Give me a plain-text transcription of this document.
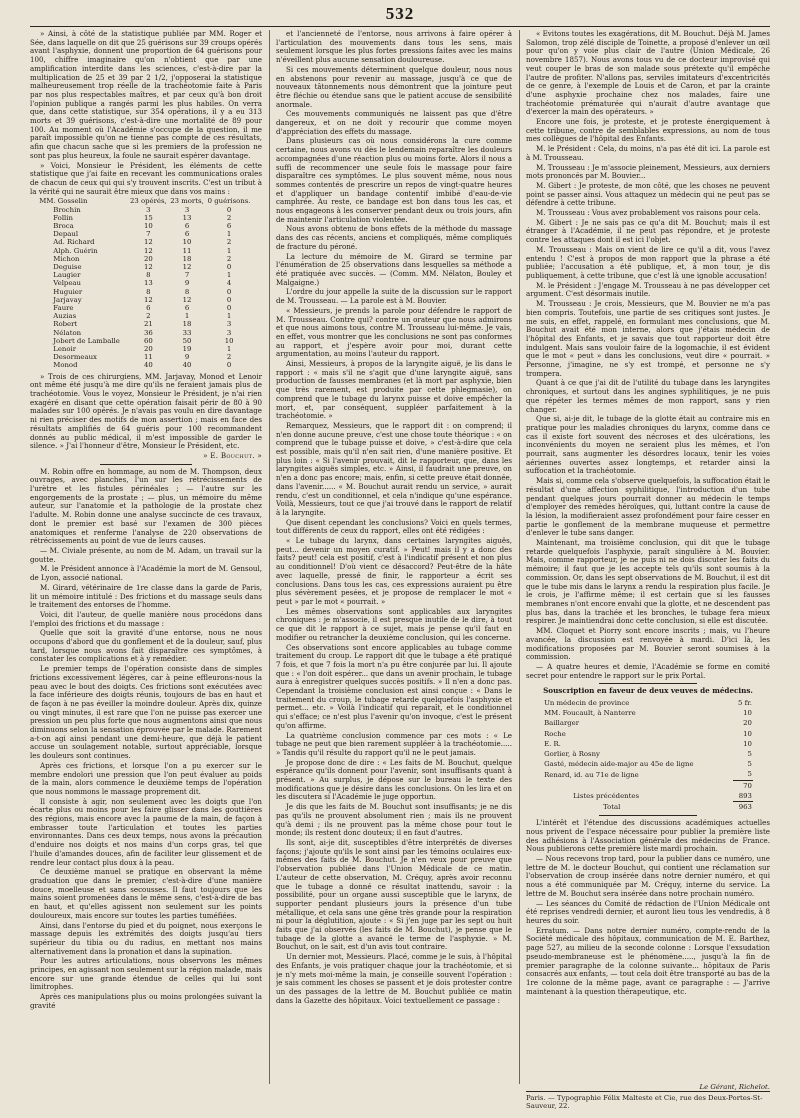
532

» Ainsi, à côté de la statistique publiée par MM. Roger et Sée, dans laquelle on dit que 25 guérisons sur 39 croups opérés avant l'asphyxie, donnent une proportion de 64 guérisons pour 100, chiffre imaginaire qu'on n'obtient que par une amplification interdite dans les sciences, c'est-à-dire par la multiplication de 25 et 39 par 2 1/2, j'opposerai la statistique malheureusement trop réelle de la trachéotomie faite à Paris par nos plus respectables maîtres, et par ceux qu'à bon droit l'opinion publique a rangés parmi les plus habiles. On verra que, dans cette statistique, sur 354 opérations, il y a eu 313 morts et 39 guérisons, c'est-à-dire une mortalité de 89 pour 100. Au moment où l'Académie s'occupe de la question, il me paraît impossible qu'on ne tienne pas compte de ces résultats, afin que chacun sache que si les premiers de la profession ne sont pas plus heureux, la foule ne saurait espérer davantage.

» Voici, Monsieur le Président, les éléments de cette statistique que j'ai faite en recevant les communications orales de chacun de ceux qui qui s'y trouvent inscrits. C'est un tribut à la vérité qui ne saurait être mieux que dans vos mains :

MM. Gosselin	23 opérés,	23 morts,	0 guérisons.
Brochin	3	3	0
Follin	15	13	2
Broca	10	6	6
Depaul	7	6	1
Ad. Richard	12	10	2
Alph. Guérin	12	11	1
Michon	20	18	2
Deguise	12	12	0
Laugier	8	7	1
Velpeau	13	9	4
Huguier	8	8	0
Jarjavay	12	12	0
Faure	6	6	0
Auzias	2	1	1
Robert	21	18	3
Nélaton	36	33	3
Jobert de Lamballe	60	50	10
Lenoir	20	19	1
Desormeaux	11	9	2
Monod	40	40	0

» Trois de ces chirurgiens, MM. Jarjavay, Monod et Lenoir ont même été jusqu'à me dire qu'ils ne feraient jamais plus de trachéotomie. Vous le voyez, Monsieur le Président, je n'ai rien exagéré en disant que cette opération faisait périr de 80 à 90 malades sur 100 opérés. Je n'avais pas voulu en dire davantage ni rien préciser des motifs de mon assertion ; mais en face des résultats amplifiés de 64 guéris pour 100 recommandent donnés au public médical, il m'est impossible de garder le silence. » J'ai l'honneur d'être, Monsieur le Président, etc.

» E. Bouchut. »

M. Robin offre en hommage, au nom de M. Thompson, deux ouvrages, avec planches, l'un sur les rétrécissements de l'urètre et les fistules périnéales ; — l'autre sur les engorgements de la prostate ; — plus, un mémoire du même auteur, sur l'anatomie et la pathologie de la prostate chez l'adulte. M. Robin donne une analyse succincte de ces travaux, dont le premier est basé sur l'examen de 300 pièces anatomiques et renferme l'analyse de 220 observations de rétrécissements au point de vue de leurs causes.

— M. Civiale présente, au nom de M. Adam, un travail sur la goutte.

M. le Président annonce à l'Académie la mort de M. Gensoul, de Lyon, associé national.

M. Girard, vétérinaire de 1re classe dans la garde de Paris, lit un mémoire intitulé : Des frictions et du massage seuls dans le traitement des entorses de l'homme.

Voici, dit l'auteur, de quelle manière nous procédons dans l'emploi des frictions et du massage :

Quelle que soit la gravité d'une entorse, nous ne nous occupons d'abord que du gonflement et de la douleur, sauf, plus tard, lorsque nous avons fait disparaître ces symptômes, à constater les complications et à y remédier.

Le premier temps de l'opération consiste dans de simples frictions excessivement légères, car à peine effleurons-nous la peau avec le bout des doigts. Ces frictions sont exécutées avec la face inférieure des doigts réunis, toujours de bas en haut et de façon à ne pas éveiller la moindre douleur. Après dix, quinze ou vingt minutes, il est rare que l'on ne puisse pas exercer une pression un peu plus forte que nous augmentons ainsi que nous diminuons selon la sensation éprouvée par le malade. Rarement a-t-on agi ainsi pendant une demi-heure, que déjà le patient accuse un soulagement notable, surtout appréciable, lorsque les douleurs sont continues.

Après ces frictions, et lorsque l'on a pu exercer sur le membre endolori une pression que l'on peut évaluer au poids de la main, alors commence le deuxième temps de l'opération que nous nommons le massage proprement dit.

Il consiste à agir, non seulement avec les doigts que l'on écarte plus ou moins pour les faire glisser dans les gouttières des régions, mais encore avec la paume de la main, de façon à embrasser toute l'articulation et toutes les parties environnantes. Dans ces deux temps, nous avons la précaution d'enduire nos doigts et nos mains d'un corps gras, tel que l'huile d'amandes douces, afin de faciliter leur glissement et de rendre leur contact plus doux à la peau.

Ce deuxième manuel se pratique en observant la même graduation que dans le premier, c'est-à-dire d'une manière douce, moelleuse et sans secousses. Il faut toujours que les mains soient promenées dans le même sens, c'est-à-dire de bas en haut, et qu'elles agissent non seulement sur les points douloureux, mais encore sur toutes les parties tuméfiées.

Ainsi, dans l'entorse du pied et du poignet, nous exerçons le massage depuis les extrémités des doigts jusqu'au tiers supérieur du tibia ou du radius, en mettant nos mains alternativement dans la pronation et dans la supination.

Pour les autres articulations, nous observons les mêmes principes, en agissant non seulement sur la région malade, mais encore sur une grande étendue de celles qui lui sont limitrophes.

Après ces manipulations plus ou moins prolongées suivant la gravité

et l'ancienneté de l'entorse, nous arrivons à faire opérer à l'articulation des mouvements dans tous les sens, mais seulement lorsque les plus fortes pressions faites avec les mains n'éveillent plus aucune sensation douloureuse.

Si ces mouvements déterminent quelque douleur, nous nous en abstenons pour revenir au massage, jusqu'à ce que de nouveaux tâtonnements nous démontrent que la jointure peut être fléchie ou étendue sans que le patient accuse de sensibilité anormale.

Ces mouvements communiqués ne laissent pas que d'être dangereux, et on ne doit y recourir que comme moyen d'appréciation des effets du massage.

Dans plusieurs cas où nous considérons la cure comme certaine, nous avons vu dès le lendemain reparaître les douleurs accompagnées d'une réaction plus ou moins forte. Alors il nous a suffi de recommencer une seule fois le massage pour faire disparaître ces symptômes. Le plus souvent même, nous nous sommes contentés de prescrire un repos de vingt-quatre heures et d'appliquer un bandage contentif imbibé d'eau-de-vie camphrée. Au reste, ce bandage est bon dans tous les cas, et nous engageons à les conserver pendant deux ou trois jours, afin de maintenir l'articulation violentée.

Nous avons obtenu de bons effets de la méthode du massage dans des cas récents, anciens et compliqués, même compliqués de fracture du péroné.

La lecture du mémoire de M. Girard se termine par l'énumération de 25 observations dans lesquelles sa méthode a été pratiquée avec succès. — (Comm. MM. Nélaton, Bouley et Malgaigne.)

L'ordre du jour appelle la suite de la discussion sur le rapport de M. Trousseau. — La parole est à M. Bouvier.

« Messieurs, je prends la parole pour défendre le rapport de M. Trousseau. Contre qui? contre un orateur que nous admirons et que nous aimons tous, contre M. Trousseau lui-même. Je vais, en effet, vous montrer que les conclusions ne sont pas conformes au rapport, et j'espère avoir pour moi, durant cette argumentation, au moins l'auteur du rapport.

Ainsi, Messieurs, à propos de la laryngite aiguë, je lis dans le rapport : « mais s'il ne s'agit que d'une laryngite aiguë, sans production de fausses membranes (et là mort par asphyxie, bien que très rarement, est produite par cette phlegmasie), on comprend que le tubage du larynx puisse et doive empêcher la mort, et, par conséquent, suppléer parfaitement à la trachéotomie. »

Remarquez, Messieurs, que le rapport dit : on comprend; il n'en donne aucune preuve, c'est une chose toute théorique : « on comprend que le tubage puisse et doive, » c'est-à-dire que cela est possible, mais qu'il n'en sait rien, d'une manière positive. Et plus loin : « Si l'avenir prouvait, dit le rapporteur, que, dans les laryngites aiguës simples, etc. » Ainsi, il faudrait une preuve, on n'en a donc pas encore; mais, enfin, si cette preuve était donnée, dans l'avenir...... « M. Bouchut aurait rendu un service, » aurait rendu, c'est un conditionnel, et cela n'indique qu'une espérance. Voilà, Messieurs, tout ce que j'ai trouvé dans le rapport de relatif à la laryngite.

Que disent cependant les conclusions? Voici en quels termes, tout différents de ceux du rapport, elles ont été rédigées :

« Le tubage du larynx, dans certaines laryngites aiguës, peut... devenir un moyen curatif. » Peut! mais il y a donc des faits? peut! cela est positif, c'est à l'indicatif présent et non plus au conditionnel! D'où vient ce désaccord? Peut-être de la hâte avec laquelle, pressé de finir, le rapporteur a écrit ses conclusions. Dans tous les cas, ces expressions auraient pu être plus sévèrement pesées, et je propose de remplacer le mot « peut » par le mot « pourrait. »

Les mêmes observations sont applicables aux laryngites chroniques : je m'associe, il est presque inutile de le dire, à tout ce que dit le rapport à ce sujet, mais je pense qu'il faut en modifier ou retrancher la deuxième conclusion, qui les concerne.

Ces observations sont encore applicables au tubage comme traitement du croup. Le rapport dit que le tubage a été pratiqué 7 fois, et que 7 fois la mort n'a pu être conjurée par lui. Il ajoute que : « l'on doit espérer... que dans un avenir prochain, le tubage aura à enregistrer quelques succès positifs. » Il n'en a donc pas. Cependant la troisième conclusion est ainsi conçue : « Dans le traitement du croup, le tubage retarde quelquefois l'asphyxie et permet... etc. » Voilà l'indicatif qui reparaît, et le conditionnel qui s'efface; ce n'est plus l'avenir qu'on invoque, c'est le présent qu'on affirme.

La quatrième conclusion commence par ces mots : « Le tubage ne peut que bien rarement suppléer à la trachéotomie..... » Tandis qu'il résulte du rapport qu'il ne le peut jamais.

Je propose donc de dire : « Les faits de M. Bouchut, quelque espérance qu'ils donnent pour l'avenir, sont insuffisants quant à présent. » Au surplus, je dépose sur le bureau le texte des modifications que je désire dans les conclusions. On les lira et on les discutera si l'Académie le juge opportun.

Je dis que les faits de M. Bouchut sont insuffisants; je ne dis pas qu'ils ne prouvent absolument rien ; mais ils ne prouvent qu'à demi ; ils ne prouvent pas la même chose pour tout le monde; ils restent donc douteux; il en faut d'autres.

Ils sont, ai-je dit, susceptibles d'être interprétés de diverses façons; j'ajoute qu'ils le sont ainsi par les témoins oculaires eux-mêmes des faits de M. Bouchut. Je n'en veux pour preuve que l'observation publiée dans l'Union Médicale de ce matin. L'auteur de cette observation, M. Créquy, après avoir reconnu que le tubage a donné ce résultat inattendu, savoir : la possibilité, pour un organe aussi susceptible que le larynx, de supporter pendant plusieurs jours la présence d'un tube métallique, et cela sans une gêne très grande pour la respiration ni pour la déglutition, ajoute : « Si j'en juge par les sept ou huit faits que j'ai observés (les faits de M. Bouchut), je pense que le tubage de la glotte a avancé le terme de l'asphyxie. » M. Bouchut, on le sait, est d'un avis tout contraire.

Un dernier mot, Messieurs. Placé, comme je le suis, à l'hôpital des Enfants, je vois pratiquer chaque jour la trachéotomie, et si je n'y mets moi-même la main, je conseille souvent l'opération : je sais comment les choses se passent et je dois protester contre un des passages de la lettre de M. Bouchut publiée ce matin dans la Gazette des hôpitaux. Voici textuellement ce passage :

« Évitons toutes les exagérations, dit M. Bouchut. Déjà M. James Salomon, trop zélé disciple de Toinette, a proposé d'enlever un œil pour qu'on y voie plus clair de l'autre (Union Médicale, 26 novembre 1857). Nous avons tous vu de ce docteur improvisé qui veut couper le bras de son malade sous prétexte qu'il empêche l'autre de profiter. N'allons pas, serviles imitateurs d'excentricités de ce genre, à l'exemple de Louis et de Caron, et par la crainte d'une asphyxie prochaine chez nos malades, faire une trachéotomie prématurée qui n'aurait d'autre avantage que d'exercer la main des opérateurs. »

Encore une fois, je proteste, et je proteste énergiquement à cette tribune, contre de semblables expressions, au nom de tous mes collègues de l'hôpital des Enfants.

M. le Président : Cela, du moins, n'a pas été dit ici. La parole est à M. Trousseau.

M. Trousseau : Je m'associe pleinement, Messieurs, aux derniers mots prononcés par M. Bouvier...

M. Gibert : Je proteste, de mon côté, que les choses ne peuvent point se passer ainsi. Vous attaquez un médecin qui ne peut pas se défendre à cette tribune.

M. Trousseau : Vous avez probablement vos raisons pour cela.

M. Gibert : Je ne sais pas ce qu'a dit M. Bouchut; mais il est étranger à l'Académie, il ne peut pas répondre, et je proteste contre les attaques dont il est ici l'objet.

M. Trousseau : Mais on vient de lire ce qu'il a dit, vous l'avez entendu ! C'est à propos de mon rapport que la phrase a été publiée; l'accusation a été publique, et, à mon tour, je dis publiquement, à cette tribune, que c'est là une ignoble accusation!

M. le Président : J'engage M. Trousseau à ne pas développer cet argument. C'est désormais inutile.

M. Trousseau : Je crois, Messieurs, que M. Bouvier ne m'a pas bien compris. Toutefois, une partie de ses critiques sont justes. Je me suis, en effet, rappelé, en formulant mes conclusions, que M. Bouchut avait été mon interne, alors que j'étais médecin de l'hôpital des Enfants, et je savais que tout rapporteur doit être indulgent. Mais sans vouloir faire de la logomachie, il est évident que le mot « peut » dans les conclusions, veut dire « pourrait. » Personne, j'imagine, ne s'y est trompé, et personne ne s'y trompera.

Quant à ce que j'ai dit de l'utilité du tubage dans les laryngites chroniques, et surtout dans les angines syphilitiques, je ne puis que répéter les termes mêmes de mon rapport, sans y rien changer.

Que si, ai-je dit, le tubage de la glotte était au contraire mis en pratique pour les maladies chroniques du larynx, comme dans ce cas il existe fort souvent des nécroses et des ulcérations, les inconvénients du moyen ne seraient plus les mêmes, et l'on pourrait, sans augmenter les désordres locaux, tenir les voies aériennes ouvertes assez longtemps, et retarder ainsi la suffocation et la trachéotomie.

Mais si, comme cela s'observe quelquefois, la suffocation était le résultat d'une affection syphilitique, l'introduction d'un tube pendant quelques jours pourrait donner au médecin le temps d'employer des remèdes héroïques, qui, luttant contre la cause de la lésion, la modifieraient assez profondément pour faire cesser en partie le gonflement de la membrane muqueuse et permettre d'enlever le tube sans danger.

Maintenant, ma troisième conclusion, qui dit que le tubage retarde quelquefois l'asphyxie, paraît singulière à M. Bouvier. Mais, comme rapporteur, je ne puis ni ne dois discuter les faits du mémoire; il faut que je les accepte tels qu'ils sont soumis à la commission. Or, dans les sept observations de M. Bouchut, il est dit que le tube mis dans le larynx a rendu la respiration plus facile. Je le crois, je l'affirme même; il est certain que si les fausses membranes n'ont encore envahi que la glotte, et ne descendent pas plus bas, dans la trachée et les bronches, le tubage fera mieux respirer. Je maintiendrai donc cette conclusion, si elle est discutée.

MM. Cloquet et Piorry sont encore inscrits ; mais, vu l'heure avancée, la discussion est renvoyée à mardi. D'ici là, les modifications proposées par M. Bouvier seront soumises à la commission.

— A quatre heures et demie, l'Académie se forme en comité secret pour entendre le rapport sur le prix Portal.

Souscription en faveur de deux veuves de médecins.

Un médecin de province	5 fr.
MM. Foucault, à Nanterre	10
Baillarger	20
Roche	10
E. R.	10
Gorlier, à Rosny	5
Gasté, médecin aide-major au 45e de ligne	5
Renard, id. au 71e de ligne	5
	70
Listes précédentes	893
Total	963

L'intérêt et l'étendue des discussions académiques actuelles nous privent de l'espace nécessaire pour publier la première liste des adhésions à l'Association générale des médecins de France. Nous publierons cette première liste mardi prochain.

— Nous recevons trop tard, pour la publier dans ce numéro, une lettre de M. le docteur Bouchut, qui contient une réclamation sur l'observation de croup insérée dans notre dernier numéro, et qui nous a été communiquée par M. Créquy, interne du service. La lettre de M. Bouchut sera insérée dans notre prochain numéro.

— Les séances du Comité de rédaction de l'Union Médicale ont été reprises vendredi dernier, et auront lieu tous les vendredis, à 8 heures du soir.

Erratum. — Dans notre dernier numéro, compte-rendu de la Société médicale des hôpitaux, communication de M. E. Barthez, page 527, au milieu de la seconde colonne : Lorsque l'exsudation pseudo-membraneuse est le phénomène....., jusqu'à la fin de premier paragraphe de la colonne suivante... hôpitaux de Paris consacrés aux enfants, — tout cela doit être transporté au bas de la 1re colonne de la même page, avant ce paragraphe : — J'arrive maintenant à la question thérapeutique, etc.

Le Gérant, Richelot.
Paris. — Typographie Félix Malteste et Cie, rue des Deux-Portes-St-Sauveur, 22.
